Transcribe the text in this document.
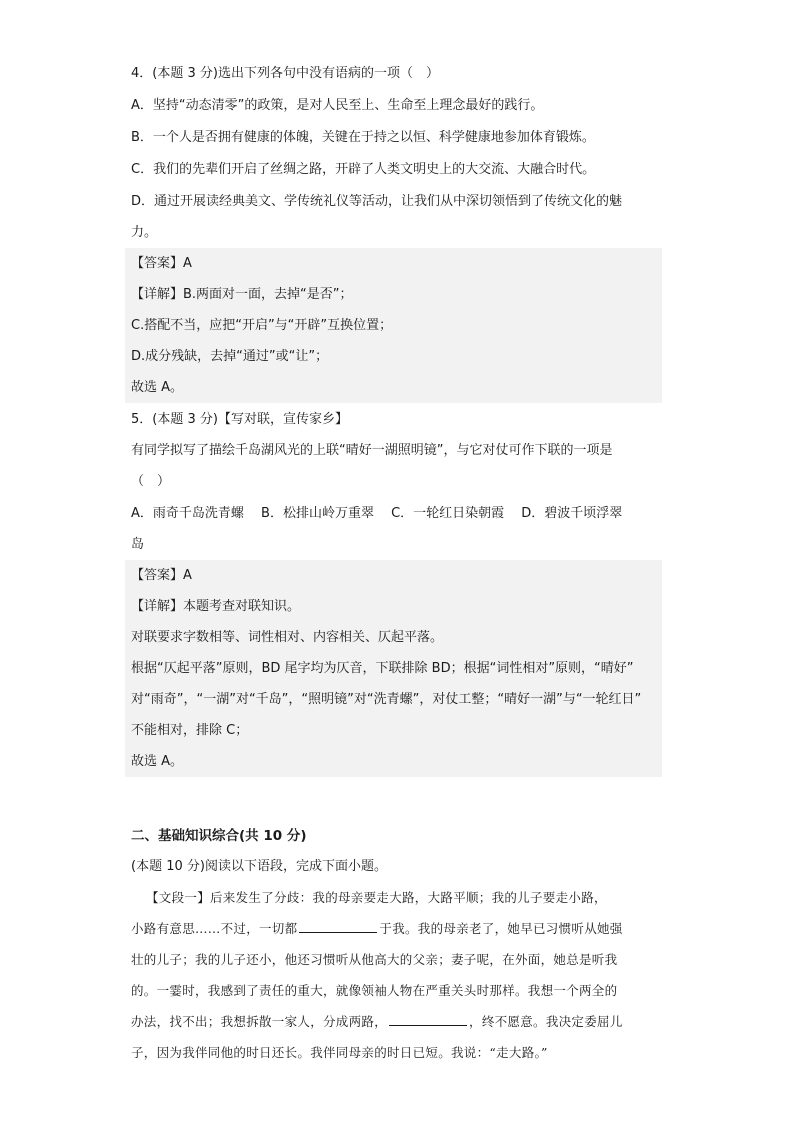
4．(本题 3 分)选出下列各句中没有语病的一项（　）
A．坚持“动态清零”的政策，是对人民至上、生命至上理念最好的践行。
B．一个人是否拥有健康的体魄，关键在于持之以恒、科学健康地参加体育锻炼。
C．我们的先辈们开启了丝绸之路，开辟了人类文明史上的大交流、大融合时代。
D．通过开展读经典美文、学传统礼仪等活动，让我们从中深切领悟到了传统文化的魅
力。
【答案】A
【详解】B.两面对一面，去掉“是否”；
C.搭配不当，应把“开启”与“开辟”互换位置；
D.成分残缺，去掉“通过”或“让”；
故选 A。
5．(本题 3 分)【写对联，宣传家乡】
有同学拟写了描绘千岛湖风光的上联“晴好一湖照明镜”，与它对仗可作下联的一项是
（　）
A．雨奇千岛洗青螺　 B．松排山岭万重翠　 C．一轮红日染朝霞　 D．碧波千顷浮翠
岛
【答案】A
【详解】本题考查对联知识。
对联要求字数相等、词性相对、内容相关、仄起平落。
根据“仄起平落”原则，BD 尾字均为仄音，下联排除 BD；根据“词性相对”原则，“晴好”
对“雨奇”，“一湖”对“千岛”，“照明镜”对“洗青螺”，对仗工整；“晴好一湖”与“一轮红日”
不能相对，排除 C；
故选 A。
二、基础知识综合(共 10 分)
(本题 10 分)阅读以下语段，完成下面小题。
【文段一】后来发生了分歧：我的母亲要走大路，大路平顺；我的儿子要走小路，
小路有意思……不过，一切都	于我。我的母亲老了，她早已习惯听从她强
壮的儿子；我的儿子还小，他还习惯听从他高大的父亲；妻子呢，在外面，她总是听我
的。一霎时，我感到了责任的重大，就像领袖人物在严重关头时那样。我想一个两全的
办法，找不出；我想拆散一家人，分成两路，	，终不愿意。我决定委屈儿
子，因为我伴同他的时日还长。我伴同母亲的时日已短。我说：“走大路。”
